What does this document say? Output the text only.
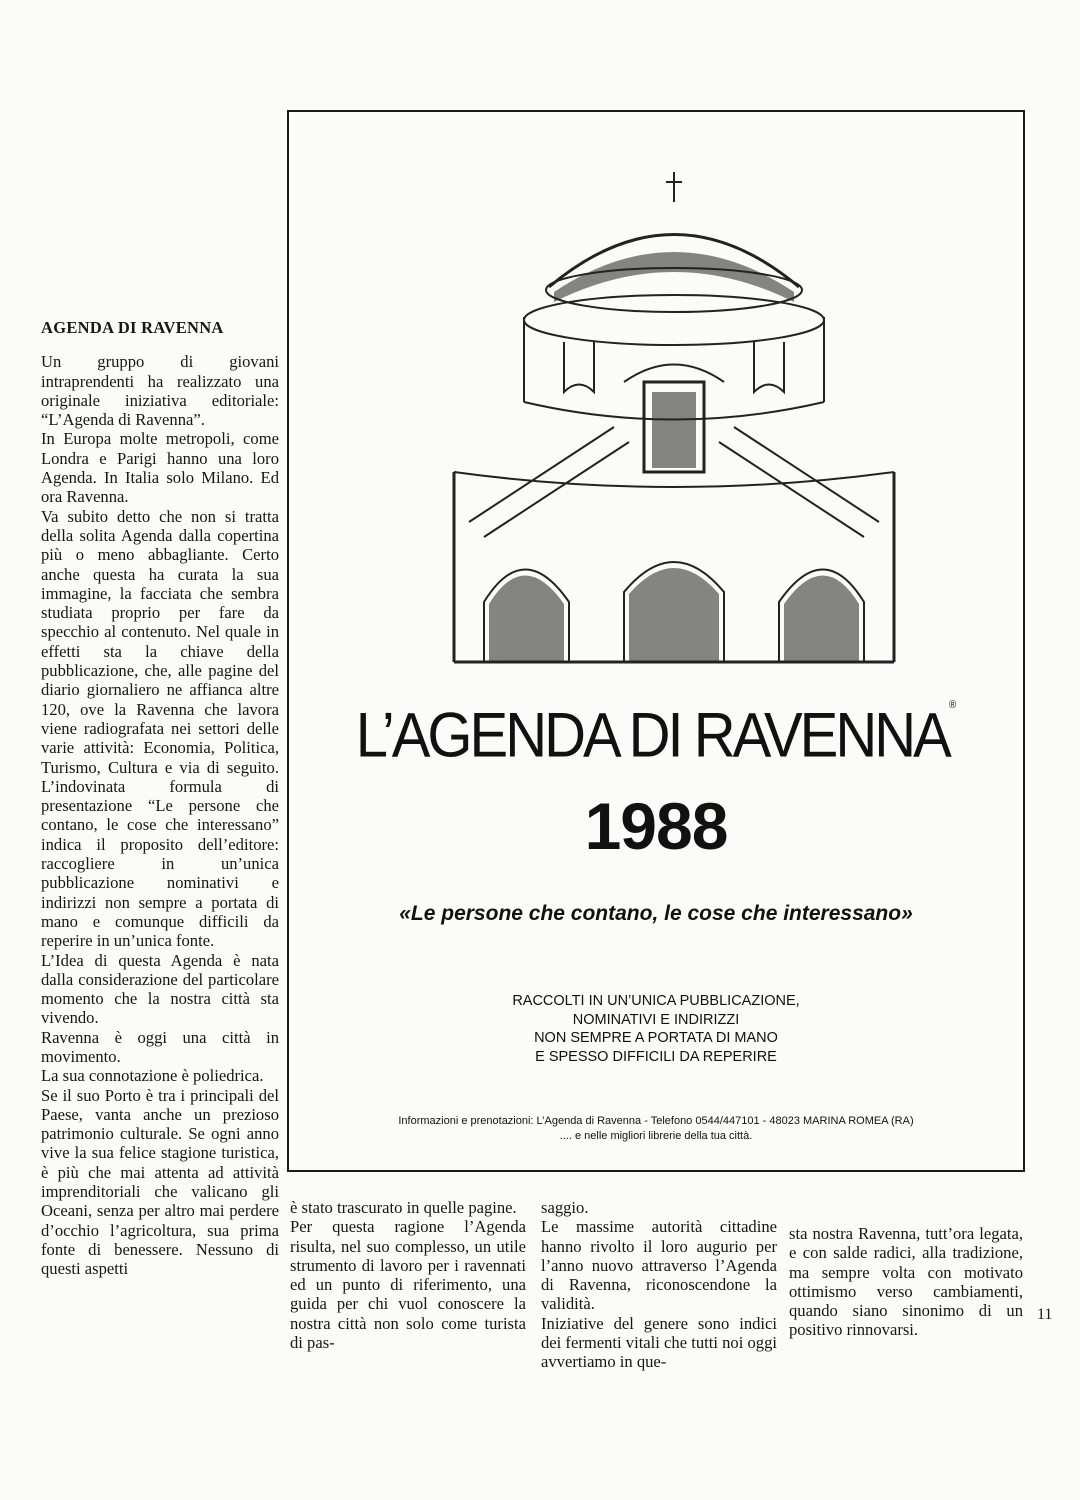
AGENDA DI RAVENNA

Un gruppo di giovani intraprendenti ha realizzato una originale iniziativa editoriale: “L’Agenda di Ravenna”.

In Europa molte metropoli, come Londra e Parigi hanno una loro Agenda. In Italia solo Milano. Ed ora Ravenna.

Va subito detto che non si tratta della solita Agenda dalla copertina più o meno abbagliante. Certo anche questa ha curata la sua immagine, la facciata che sembra studiata proprio per fare da specchio al contenuto. Nel quale in effetti sta la chiave della pubblicazione, che, alle pagine del diario giornaliero ne affianca altre 120, ove la Ravenna che lavora viene radiografata nei settori delle varie attività: Economia, Politica, Turismo, Cultura e via di seguito. L’indovinata formula di presentazione “Le persone che contano, le cose che interessano” indica il proposito dell’editore: raccogliere in un’unica pubblicazione nominativi e indirizzi non sempre a portata di mano e comunque difficili da reperire in un’unica fonte.

L’Idea di questa Agenda è nata dalla considerazione del particolare momento che la nostra città sta vivendo.

Ravenna è oggi una città in movimento.

La sua connotazione è poliedrica.

Se il suo Porto è tra i principali del Paese, vanta anche un prezioso patrimonio culturale. Se ogni anno vive la sua felice stagione turistica, è più che mai attenta ad attività imprenditoriali che valicano gli Oceani, senza per altro mai perdere d’occhio l’agricoltura, sua prima fonte di benessere. Nessuno di questi aspetti

L’AGENDA DI RAVENNA®
1988
«Le persone che contano, le cose che interessano»
RACCOLTI IN UN’UNICA PUBBLICAZIONE,
NOMINATIVI E INDIRIZZI
NON SEMPRE A PORTATA DI MANO
E SPESSO DIFFICILI DA REPERIRE
Informazioni e prenotazioni: L’Agenda di Ravenna - Telefono 0544/447101 - 48023 MARINA ROMEA (RA)
.... e nelle migliori librerie della tua città.

è stato trascurato in quelle pagine.

Per questa ragione l’Agenda risulta, nel suo complesso, un utile strumento di lavoro per i ravennati ed un punto di riferimento, una guida per chi vuol conoscere la nostra città non solo come turista di pas-

saggio.

Le massime autorità cittadine hanno rivolto il loro augurio per l’anno nuovo attraverso l’Agenda di Ravenna, riconoscendone la validità.

Iniziative del genere sono indici dei fermenti vitali che tutti noi oggi avvertiamo in que-

sta nostra Ravenna, tutt’ora legata, e con salde radici, alla tradizione, ma sempre volta con motivato ottimismo verso cambiamenti, quando siano sinonimo di un positivo rinnovarsi.

11
